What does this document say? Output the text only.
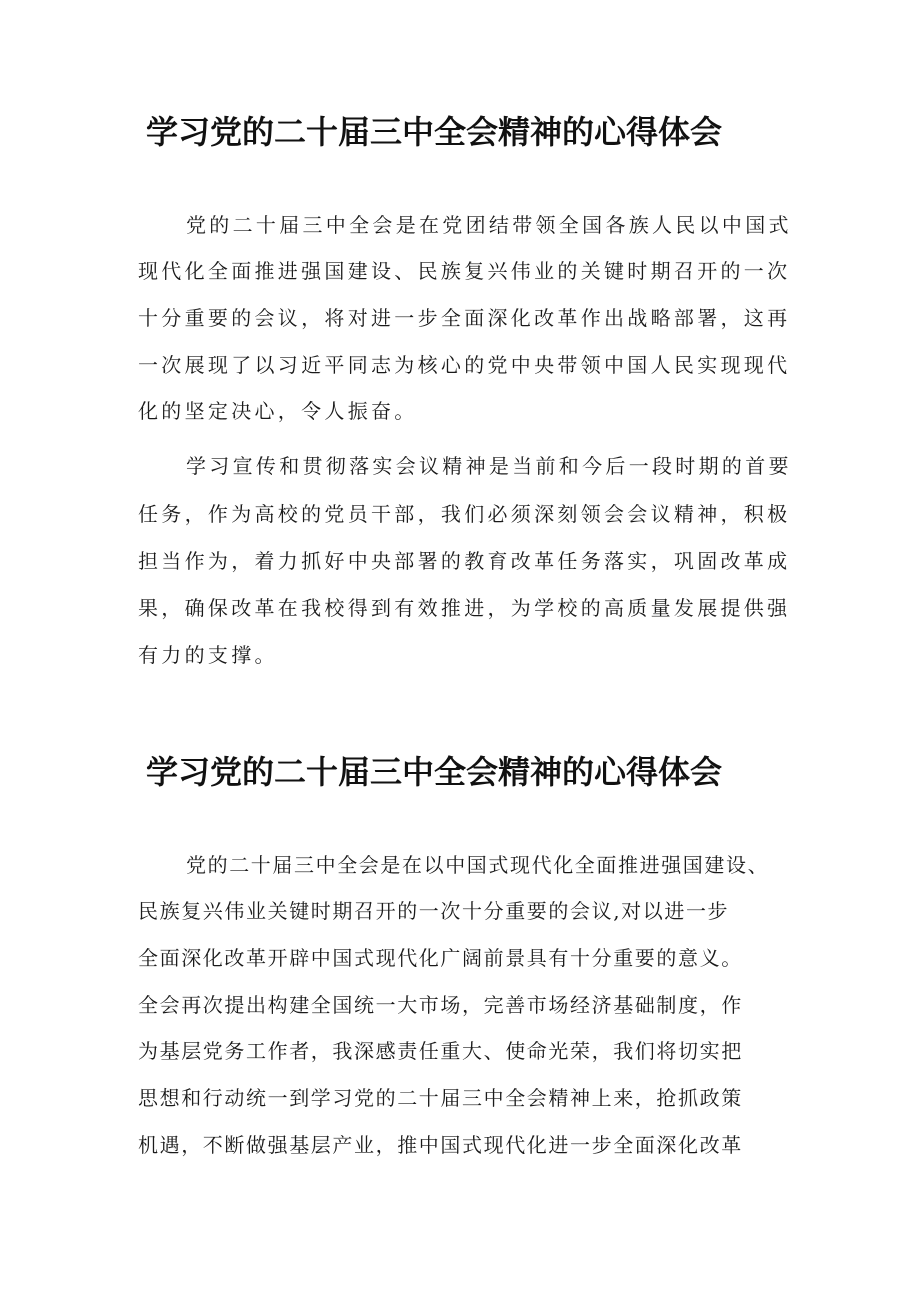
学习党的二十届三中全会精神的心得体会
党的二十届三中全会是在党团结带领全国各族人民以中国式
现代化全面推进强国建设、民族复兴伟业的关键时期召开的一次
十分重要的会议，将对进一步全面深化改革作出战略部署，这再
一次展现了以习近平同志为核心的党中央带领中国人民实现现代
化的坚定决心，令人振奋。
学习宣传和贯彻落实会议精神是当前和今后一段时期的首要
任务，作为高校的党员干部，我们必须深刻领会会议精神，积极
担当作为，着力抓好中央部署的教育改革任务落实，巩固改革成
果，确保改革在我校得到有效推进，为学校的高质量发展提供强
有力的支撑。
学习党的二十届三中全会精神的心得体会
党的二十届三中全会是在以中国式现代化全面推进强国建设、
民族复兴伟业关键时期召开的一次十分重要的会议,对以进一步
全面深化改革开辟中国式现代化广阔前景具有十分重要的意义。
全会再次提出构建全国统一大市场，完善市场经济基础制度，作
为基层党务工作者，我深感责任重大、使命光荣，我们将切实把
思想和行动统一到学习党的二十届三中全会精神上来，抢抓政策
机遇，不断做强基层产业，推中国式现代化进一步全面深化改革
